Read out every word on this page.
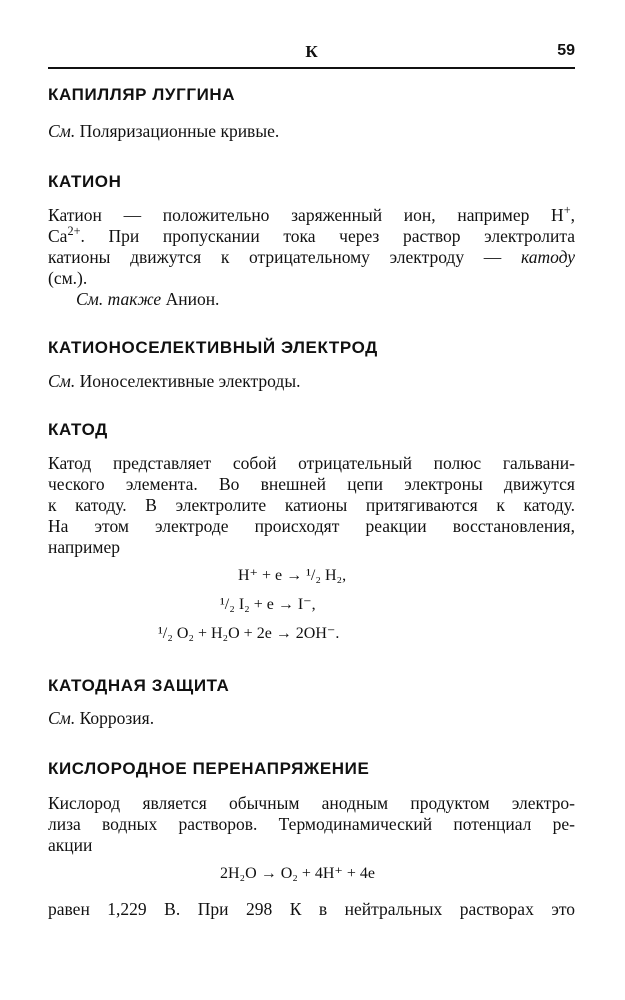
К	59
КАПИЛЛЯР ЛУГГИНА
См. Поляризационные кривые.
КАТИОН
Катион — положительно заряженный ион, например H+,
$Ca^{2+}$. При пропускании тока через раствор электролита
катионы движутся к отрицательному электроду — катоду
(см.).
См. также Анион.
КАТИОНОСЕЛЕКТИВНЫЙ ЭЛЕКТРОД
См. Ионоселективные электроды.
КАТОД
Катод представляет собой отрицательный полюс гальвани-
ческого элемента. Во внешней цепи электроны движутся
к катоду. В электролите катионы притягиваются к катоду.
На этом электроде происходят реакции восстановления,
например
H⁺ + e → ¹/₂ H₂,
¹/₂ I₂ + e → I⁻,
¹/₂ O₂ + H₂O + 2e → 2OH⁻.
КАТОДНАЯ ЗАЩИТА
См. Коррозия.
КИСЛОРОДНОЕ ПЕРЕНАПРЯЖЕНИЕ
Кислород является обычным анодным продуктом электро-
лиза водных растворов. Термодинамический потенциал ре-
акции
2H₂O → O₂ + 4H⁺ + 4e
равен 1,229 В. При 298 К в нейтральных растворах это
